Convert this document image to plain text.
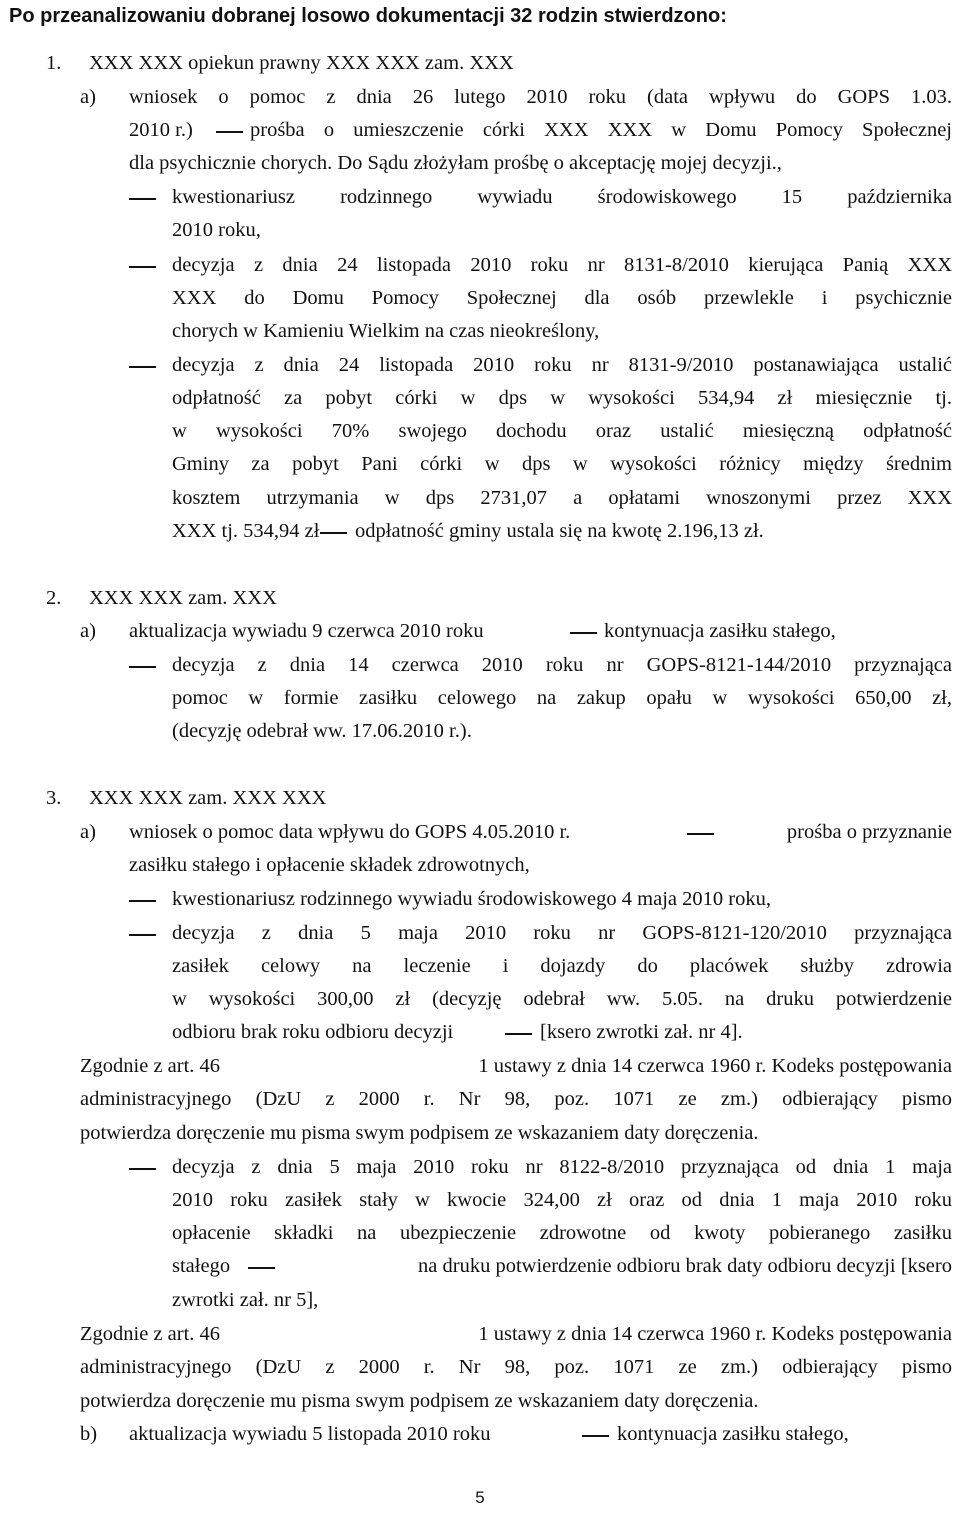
Po przeanalizowaniu dobranej losowo dokumentacji 32 rodzin stwierdzono:
1. XXX XXX opiekun prawny XXX XXX zam. XXX
a) wniosek o pomoc z dnia 26 lutego 2010 roku (data wpływu do GOPS 1.03.
2010 r.)	prośba o umieszczenie córki XXX XXX w Domu Pomocy Społecznej
dla psychicznie chorych. Do Sądu złożyłam prośbę o akceptację mojej decyzji.,
kwestionariusz rodzinnego wywiadu środowiskowego 15 października
2010 roku,
decyzja z dnia 24 listopada 2010 roku nr 8131-8/2010 kierująca Panią XXX
XXX do Domu Pomocy Społecznej dla osób przewlekle i psychicznie
chorych w Kamieniu Wielkim na czas nieokreślony,
decyzja z dnia 24 listopada 2010 roku nr 8131-9/2010 postanawiająca ustalić
odpłatność za pobyt córki w dps w wysokości 534,94 zł miesięcznie tj.
w wysokości 70% swojego dochodu oraz ustalić miesięczną odpłatność
Gminy za pobyt Pani córki w dps w wysokości różnicy między średnim
kosztem utrzymania w dps 2731,07 a opłatami wnoszonymi przez XXX
XXX tj. 534,94 zł odpłatność gminy ustala się na kwotę 2.196,13 zł.
2. XXX XXX zam. XXX
a) aktualizacja wywiadu 9 czerwca 2010 roku	kontynuacja zasiłku stałego,
decyzja z dnia 14 czerwca 2010 roku nr GOPS-8121-144/2010 przyznająca
pomoc w formie zasiłku celowego na zakup opału w wysokości 650,00 zł,
(decyzję odebrał ww. 17.06.2010 r.).
3. XXX XXX zam. XXX XXX
a) wniosek o pomoc data wpływu do GOPS 4.05.2010 r.	prośba o przyznanie
zasiłku stałego i opłacenie składek zdrowotnych,
kwestionariusz rodzinnego wywiadu środowiskowego 4 maja 2010 roku,
decyzja z dnia 5 maja 2010 roku nr GOPS-8121-120/2010 przyznająca
zasiłek celowy na leczenie i dojazdy do placówek służby zdrowia
w wysokości 300,00 zł (decyzję odebrał ww. 5.05. na druku potwierdzenie
odbioru brak roku odbioru decyzji	[ksero zwrotki zał. nr 4].
Zgodnie z art. 46	1 ustawy z dnia 14 czerwca 1960 r. Kodeks postępowania
administracyjnego (DzU z 2000 r. Nr 98, poz. 1071 ze zm.) odbierający pismo
potwierdza doręczenie mu pisma swym podpisem ze wskazaniem daty doręczenia.
decyzja z dnia 5 maja 2010 roku nr 8122-8/2010 przyznająca od dnia 1 maja
2010 roku zasiłek stały w kwocie 324,00 zł oraz od dnia 1 maja 2010 roku
opłacenie składki na ubezpieczenie zdrowotne od kwoty pobieranego zasiłku
stałego	na druku potwierdzenie odbioru brak daty odbioru decyzji [ksero
zwrotki zał. nr 5],
Zgodnie z art. 46	1 ustawy z dnia 14 czerwca 1960 r. Kodeks postępowania
administracyjnego (DzU z 2000 r. Nr 98, poz. 1071 ze zm.) odbierający pismo
potwierdza doręczenie mu pisma swym podpisem ze wskazaniem daty doręczenia.
b) aktualizacja wywiadu 5 listopada 2010 roku	kontynuacja zasiłku stałego,
5
